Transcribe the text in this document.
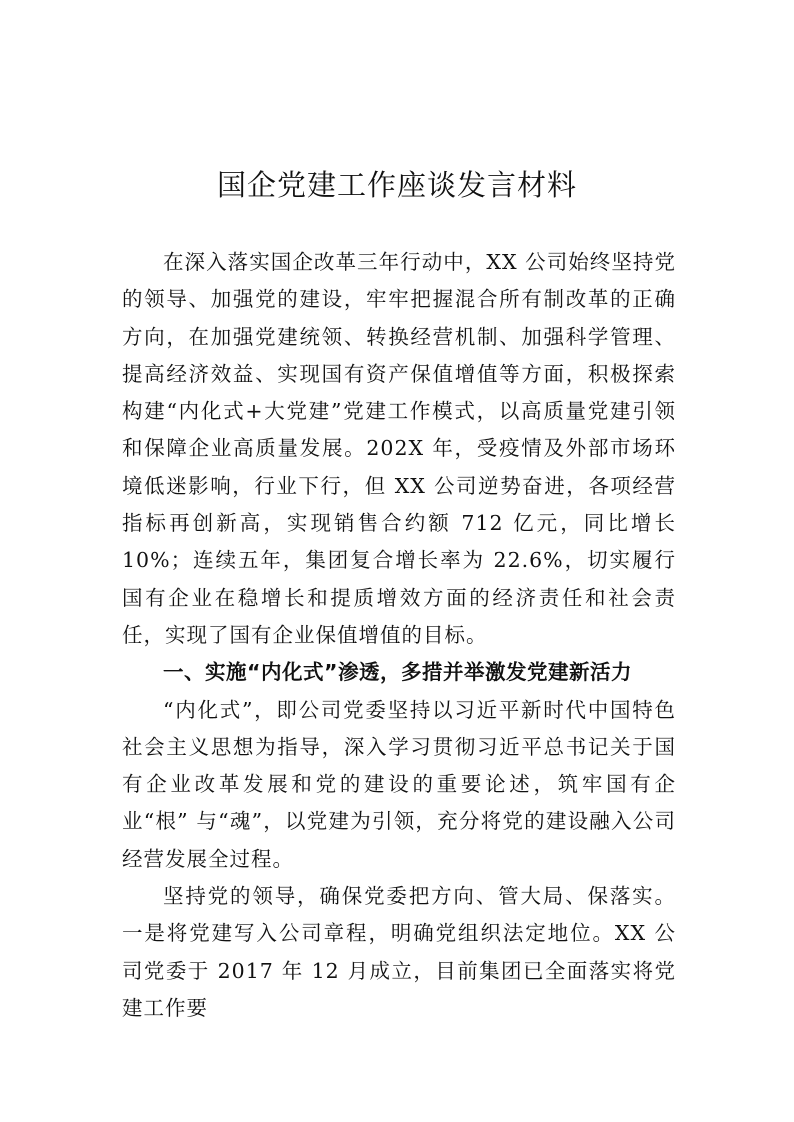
国企党建工作座谈发言材料

在深入落实国企改革三年行动中，XX 公司始终坚持党的领导、加强党的建设，牢牢把握混合所有制改革的正确方向，在加强党建统领、转换经营机制、加强科学管理、提高经济效益、实现国有资产保值增值等方面，积极探索构建“内化式+大党建”党建工作模式，以高质量党建引领和保障企业高质量发展。202X 年，受疫情及外部市场环境低迷影响，行业下行，但 XX 公司逆势奋进，各项经营指标再创新高，实现销售合约额 712 亿元，同比增长 10%；连续五年，集团复合增长率为 22.6%，切实履行国有企业在稳增长和提质增效方面的经济责任和社会责任，实现了国有企业保值增值的目标。

一、实施“内化式”渗透，多措并举激发党建新活力

“内化式”，即公司党委坚持以习近平新时代中国特色社会主义思想为指导，深入学习贯彻习近平总书记关于国有企业改革发展和党的建设的重要论述，筑牢国有企业“根” 与“魂”，以党建为引领，充分将党的建设融入公司经营发展全过程。

坚持党的领导，确保党委把方向、管大局、保落实。一是将党建写入公司章程，明确党组织法定地位。XX 公司党委于 2017 年 12 月成立，目前集团已全面落实将党建工作要
